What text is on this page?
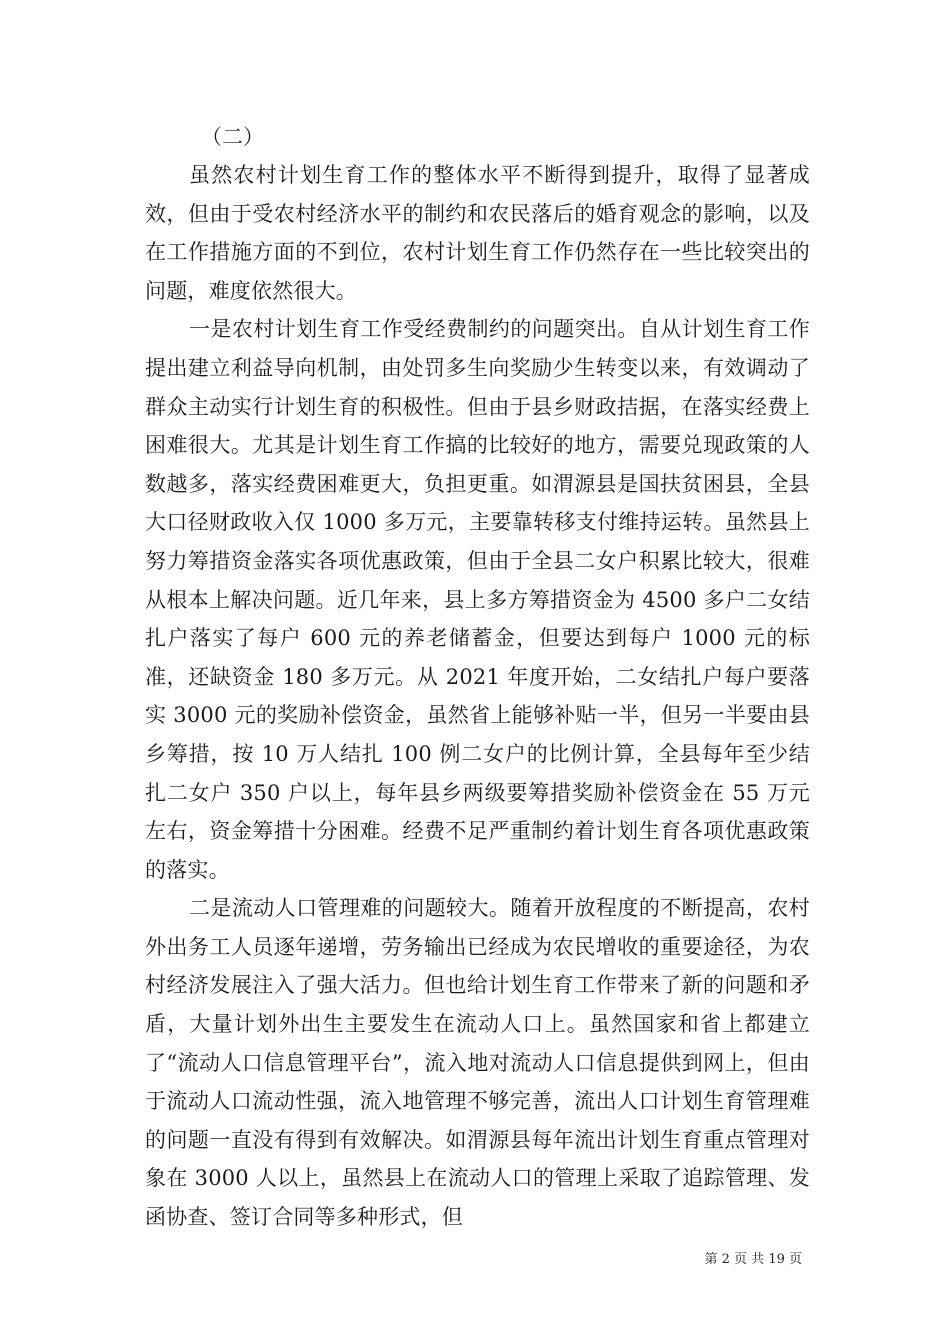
（二）

虽然农村计划生育工作的整体水平不断得到提升，取得了显著成效，但由于受农村经济水平的制约和农民落后的婚育观念的影响，以及在工作措施方面的不到位，农村计划生育工作仍然存在一些比较突出的问题，难度依然很大。

一是农村计划生育工作受经费制约的问题突出。自从计划生育工作提出建立利益导向机制，由处罚多生向奖励少生转变以来，有效调动了群众主动实行计划生育的积极性。但由于县乡财政拮据，在落实经费上困难很大。尤其是计划生育工作搞的比较好的地方，需要兑现政策的人数越多，落实经费困难更大，负担更重。如渭源县是国扶贫困县，全县大口径财政收入仅 1000 多万元，主要靠转移支付维持运转。虽然县上努力筹措资金落实各项优惠政策，但由于全县二女户积累比较大，很难从根本上解决问题。近几年来，县上多方筹措资金为 4500 多户二女结扎户落实了每户 600 元的养老储蓄金，但要达到每户 1000 元的标准，还缺资金 180 多万元。从 2021 年度开始，二女结扎户每户要落实 3000 元的奖励补偿资金，虽然省上能够补贴一半，但另一半要由县乡筹措，按 10 万人结扎 100 例二女户的比例计算，全县每年至少结扎二女户 350 户以上，每年县乡两级要筹措奖励补偿资金在 55 万元左右，资金筹措十分困难。经费不足严重制约着计划生育各项优惠政策的落实。

二是流动人口管理难的问题较大。随着开放程度的不断提高，农村外出务工人员逐年递增，劳务输出已经成为农民增收的重要途径，为农村经济发展注入了强大活力。但也给计划生育工作带来了新的问题和矛盾，大量计划外出生主要发生在流动人口上。虽然国家和省上都建立了“流动人口信息管理平台”，流入地对流动人口信息提供到网上，但由于流动人口流动性强，流入地管理不够完善，流出人口计划生育管理难的问题一直没有得到有效解决。如渭源县每年流出计划生育重点管理对象在 3000 人以上，虽然县上在流动人口的管理上采取了追踪管理、发函协查、签订合同等多种形式，但

第 2 页 共 19 页
